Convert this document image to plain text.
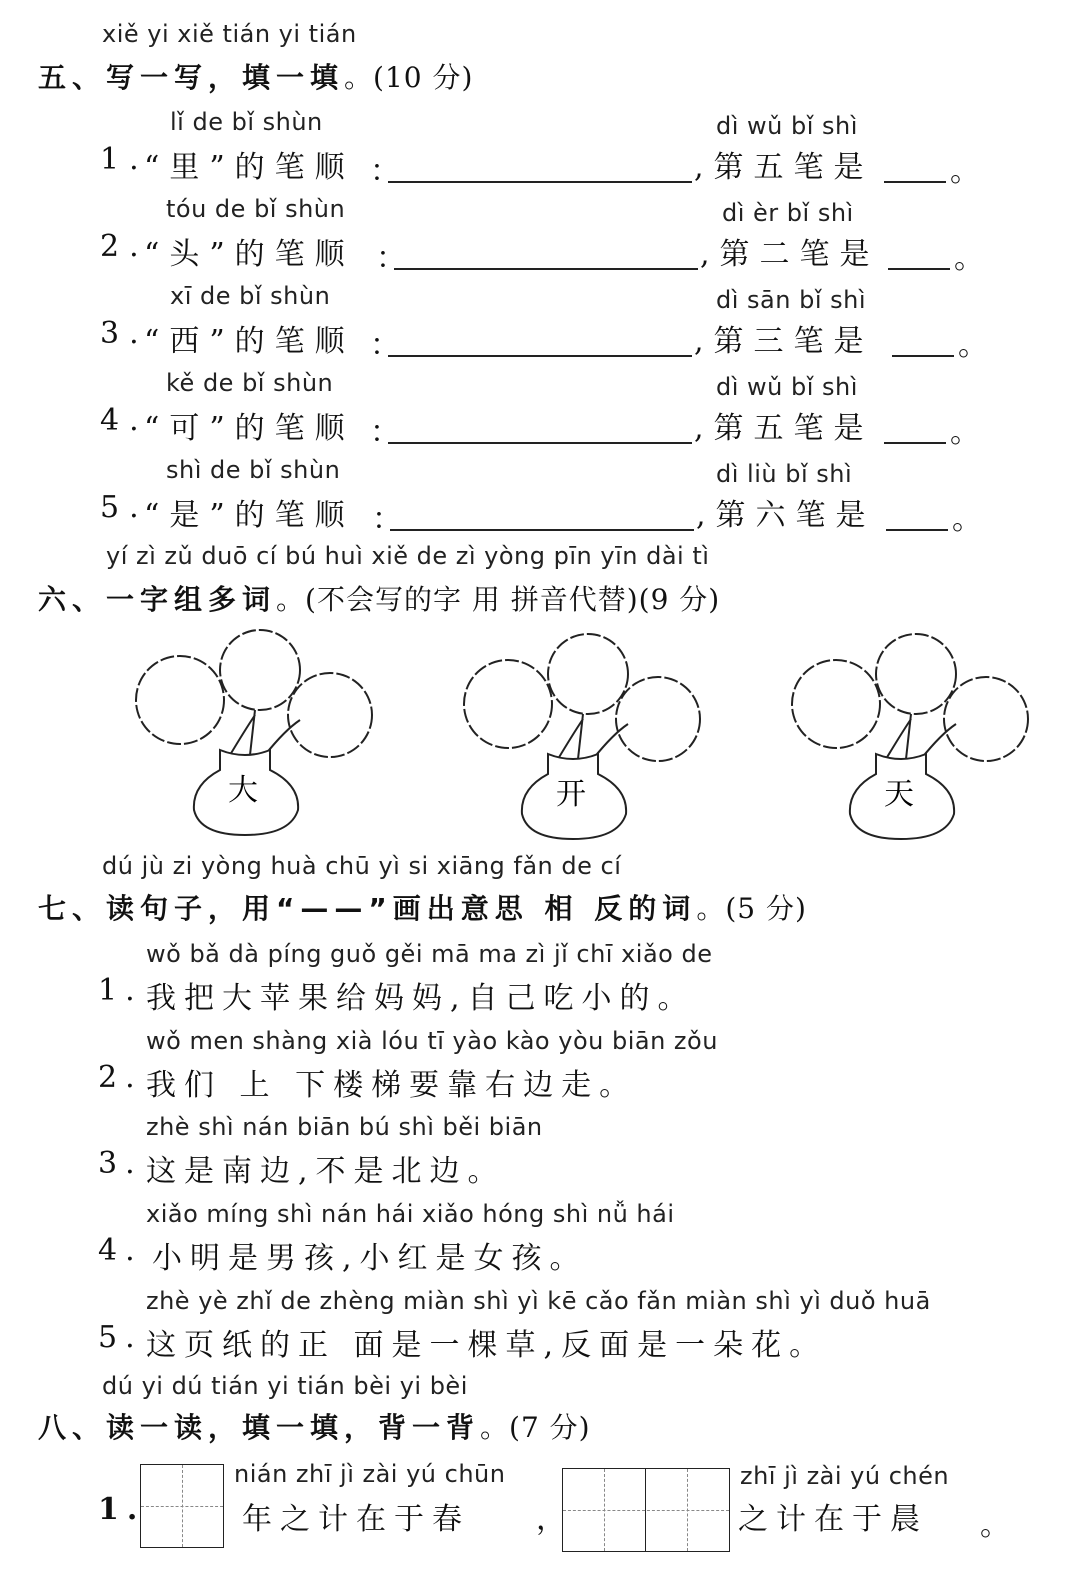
xiě yi xiě tián yi tián
五、写一写，填一填。(10 分)
lǐ de bǐ shùn	dì wǔ bǐ shì
1.
“里”的笔顺 ：	,第五笔是	。
tóu de bǐ shùn	dì èr bǐ shì
2.
“头”的笔顺 ：	,第二笔是 。
xī de bǐ shùn	dì sān bǐ shì
3.
“西”的笔顺 ：	,第三笔是	。
kě de bǐ shùn	dì wǔ bǐ shì
4.
“可”的笔顺 ：	,第五笔是	。
shì de bǐ shùn	dì liù bǐ shì
5.
“是”的笔顺 ：	,第六笔是	。
yí zì zǔ duō cí bú huì xiě de zì yòng pīn yīn dài tì
六、一字组多词。(不会写的字 用 拼音代替)(9 分)
大	开	天
dú jù zi yòng huà chū yì si xiāng fǎn de cí
七、读句子，用“——”画出意思 相 反的词。(5 分)
wǒ bǎ dà píng guǒ gěi mā ma zì jǐ chī xiǎo de
1. 我把大苹果给妈妈,自己吃小的。
wǒ men shàng xià lóu tī yào kào yòu biān zǒu
2. 我们 上 下楼梯要靠右边走。
zhè shì nán biān bú shì běi biān
3. 这是南边,不是北边。
xiǎo míng shì nán hái xiǎo hóng shì nǚ hái
4. 小明是男孩,小红是女孩。
zhè yè zhǐ de zhèng miàn shì yì kē cǎo fǎn miàn shì yì duǒ huā
5. 这页纸的正 面是一棵草,反面是一朵花。
dú yi dú tián yi tián bèi yi bèi
八、读一读，填一填，背一背。(7 分)
1.
nián zhī jì zài yú chūn
年之计在于春 ，
zhī jì zài yú chén
之计在于晨 。
